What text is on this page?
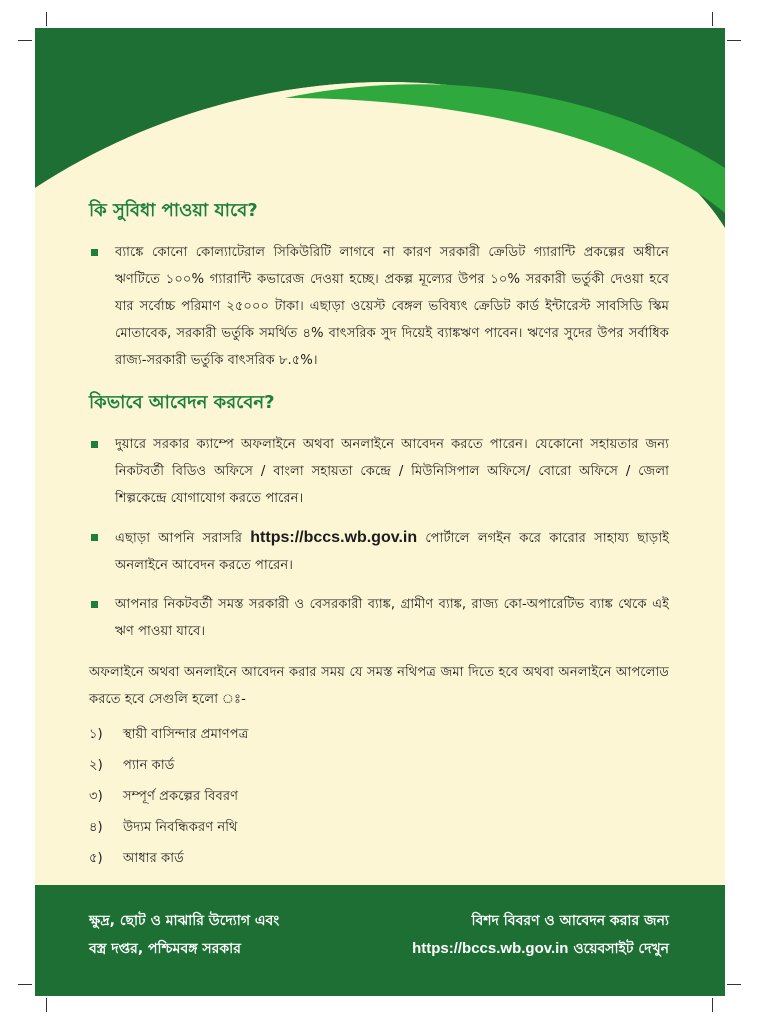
কি সুবিধা পাওয়া যাবে?
ব্যাঙ্কে কোনো কোল্যাটেরাল সিকিউরিটি লাগবে না কারণ সরকারী ক্রেডিট গ্যারান্টি প্রকল্পের অধীনে ঋণটিতে ১০০% গ্যারান্টি কভারেজ দেওয়া হচ্ছে। প্রকল্প মূল্যের উপর ১০% সরকারী ভর্তুকী দেওয়া হবে যার সর্বোচ্চ পরিমাণ ২৫০০০ টাকা। এছাড়া ওয়েস্ট বেঙ্গল ভবিষ্যৎ ক্রেডিট কার্ড ইন্টারেস্ট সাবসিডি স্কিম মোতাবেক, সরকারী ভর্তুকি সমর্থিত ৪% বাৎসরিক সুদ দিয়েই ব্যাঙ্কঋণ পাবেন। ঋণের সুদের উপর সর্বাধিক রাজ্য-সরকারী ভর্তুকি বাৎসরিক ৮.৫%।
কিভাবে আবেদন করবেন?
দুয়ারে সরকার ক্যাম্পে অফলাইনে অথবা অনলাইনে আবেদন করতে পারেন। যেকোনো সহায়তার জন্য নিকটবর্তী বিডিও অফিসে / বাংলা সহায়তা কেন্দ্রে / মিউনিসিপাল অফিসে/ বোরো অফিসে / জেলা শিল্পকেন্দ্রে যোগাযোগ করতে পারেন।
এছাড়া আপনি সরাসরি https://bccs.wb.gov.in পোর্টালে লগইন করে কারোর সাহায্য ছাড়াই অনলাইনে আবেদন করতে পারেন।
আপনার নিকটবর্তী সমস্ত সরকারী ও বেসরকারী ব্যাঙ্ক, গ্রামীণ ব্যাঙ্ক, রাজ্য কো-অপারেটিভ ব্যাঙ্ক থেকে এই ঋণ পাওয়া যাবে।

অফলাইনে অথবা অনলাইনে আবেদন করার সময় যে সমস্ত নথিপত্র জমা দিতে হবে অথবা অনলাইনে আপলোড করতে হবে সেগুলি হলো ঃ-

১) স্থায়ী বাসিন্দার প্রমাণপত্র
২) প্যান কার্ড
৩) সম্পূর্ণ প্রকল্পের বিবরণ
৪) উদ্যম নিবন্ধিকরণ নথি
৫) আধার কার্ড
ক্ষুদ্র, ছোট ও মাঝারি উদ্যোগ এবং
বস্ত্র দপ্তর, পশ্চিমবঙ্গ সরকার
বিশদ বিবরণ ও আবেদন করার জন্য
https://bccs.wb.gov.in ওয়েবসাইট দেখুন
